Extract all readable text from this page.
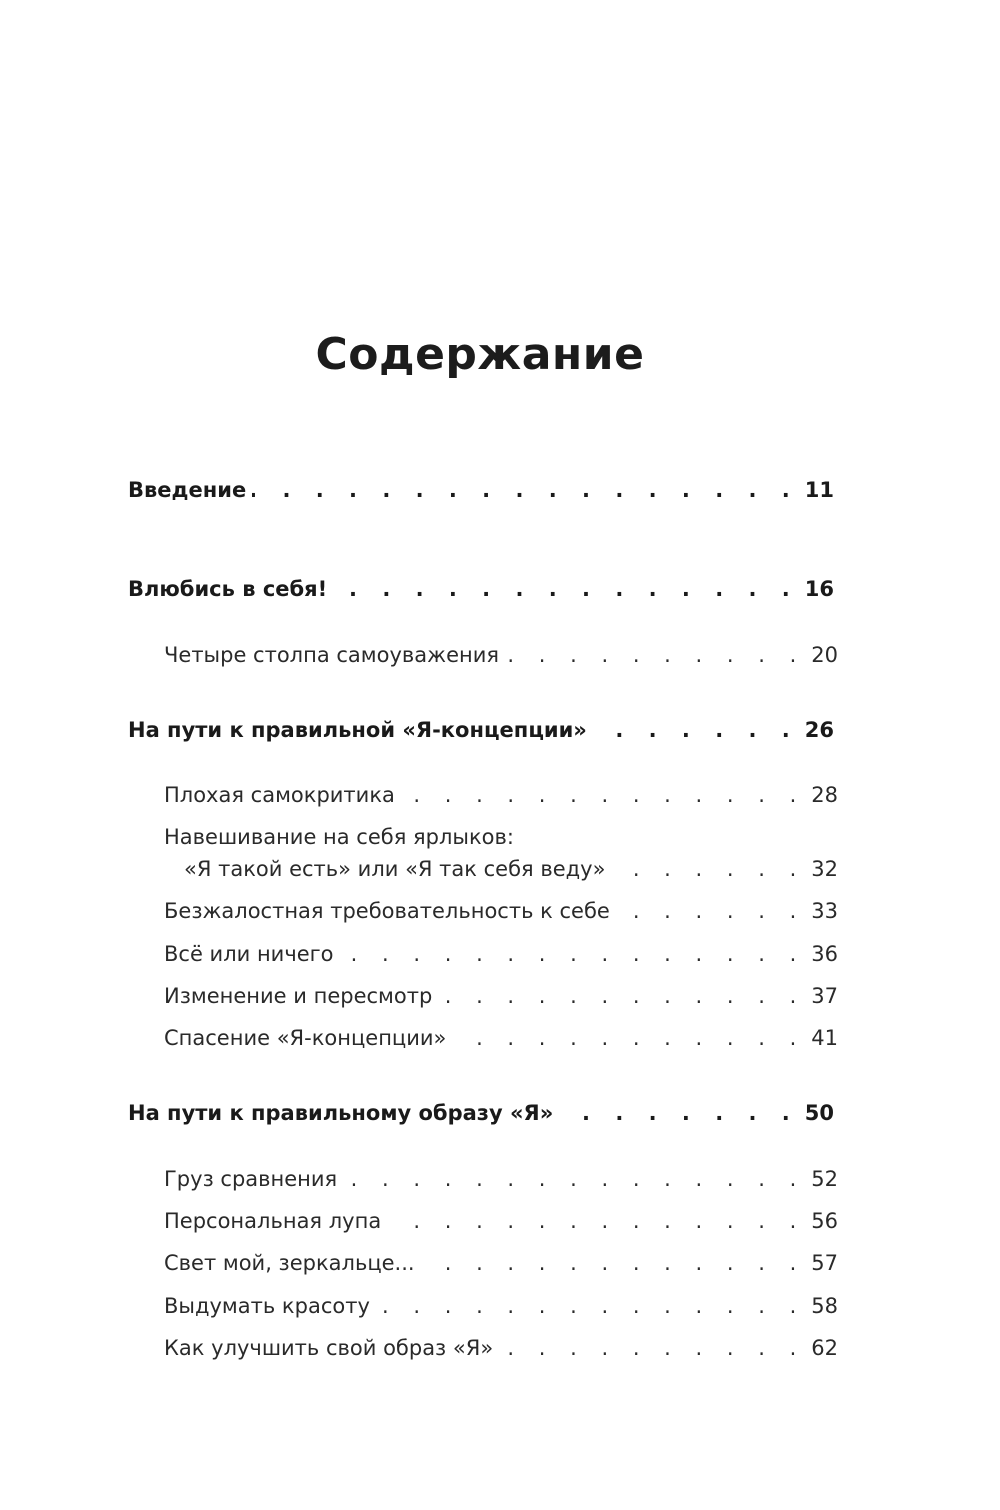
Содержание
Введение . . .	11
Влюбись в себя! . . .	16
Четыре столпа самоуважения . . .	20
На пути к правильной «Я-концепции» . . .	26
Плохая самокритика . . .	28
Навешивание на себя ярлыков:
«Я такой есть» или «Я так себя веду» . . .	32
Безжалостная требовательность к себе . . .	33
Всё или ничего . . .	36
Изменение и пересмотр . . .	37
Спасение «Я-концепции» . . .	41
На пути к правильному образу «Я» . . .	50
Груз сравнения . . .	52
Персональная лупа . . .	56
Свет мой, зеркальце... . . .	57
Выдумать красоту . . .	58
Как улучшить свой образ «Я» . . .	62
